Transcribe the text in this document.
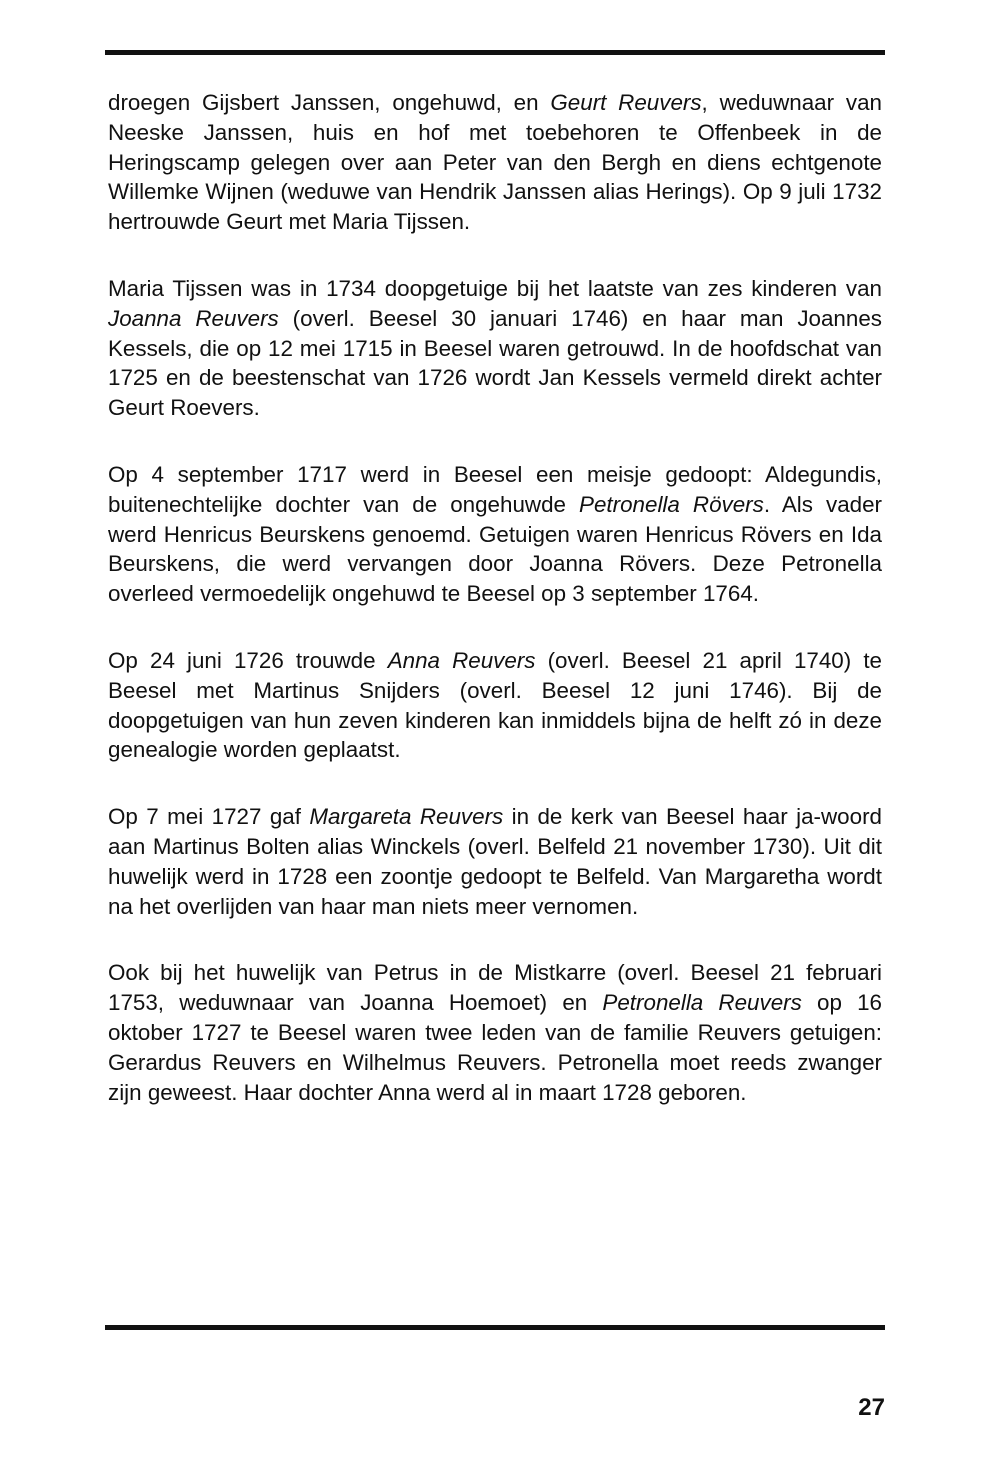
droegen Gijsbert Janssen, ongehuwd, en Geurt Reuvers, weduwnaar van Neeske Janssen, huis en hof met toebehoren te Offenbeek in de Heringscamp gelegen over aan Peter van den Bergh en diens echtgenote Willemke Wijnen (weduwe van Hendrik Janssen alias Herings). Op 9 juli 1732 hertrouwde Geurt met Maria Tijssen.

Maria Tijssen was in 1734 doopgetuige bij het laatste van zes kinderen van Joanna Reuvers (overl. Beesel 30 januari 1746) en haar man Joannes Kessels, die op 12 mei 1715 in Beesel waren getrouwd. In de hoofdschat van 1725 en de beestenschat van 1726 wordt Jan Kessels vermeld direkt achter Geurt Roevers.

Op 4 september 1717 werd in Beesel een meisje gedoopt: Aldegundis, buitenechtelijke dochter van de ongehuwde Petronella Rövers. Als vader werd Henricus Beurskens genoemd. Getuigen waren Henricus Rövers en Ida Beurskens, die werd vervangen door Joanna Rövers. Deze Petronella overleed vermoedelijk ongehuwd te Beesel op 3 september 1764.

Op 24 juni 1726 trouwde Anna Reuvers (overl. Beesel 21 april 1740) te Beesel met Martinus Snijders (overl. Beesel 12 juni 1746). Bij de doopgetuigen van hun zeven kinderen kan inmiddels bijna de helft zó in deze genealogie worden geplaatst.

Op 7 mei 1727 gaf Margareta Reuvers in de kerk van Beesel haar ja-woord aan Martinus Bolten alias Winckels (overl. Belfeld 21 november 1730). Uit dit huwelijk werd in 1728 een zoontje gedoopt te Belfeld. Van Margaretha wordt na het overlijden van haar man niets meer vernomen.

Ook bij het huwelijk van Petrus in de Mistkarre (overl. Beesel 21 februari 1753, weduwnaar van Joanna Hoemoet) en Petronella Reuvers op 16 oktober 1727 te Beesel waren twee leden van de familie Reuvers getuigen: Gerardus Reuvers en Wilhelmus Reuvers. Petronella moet reeds zwanger zijn geweest. Haar dochter Anna werd al in maart 1728 geboren.

27
